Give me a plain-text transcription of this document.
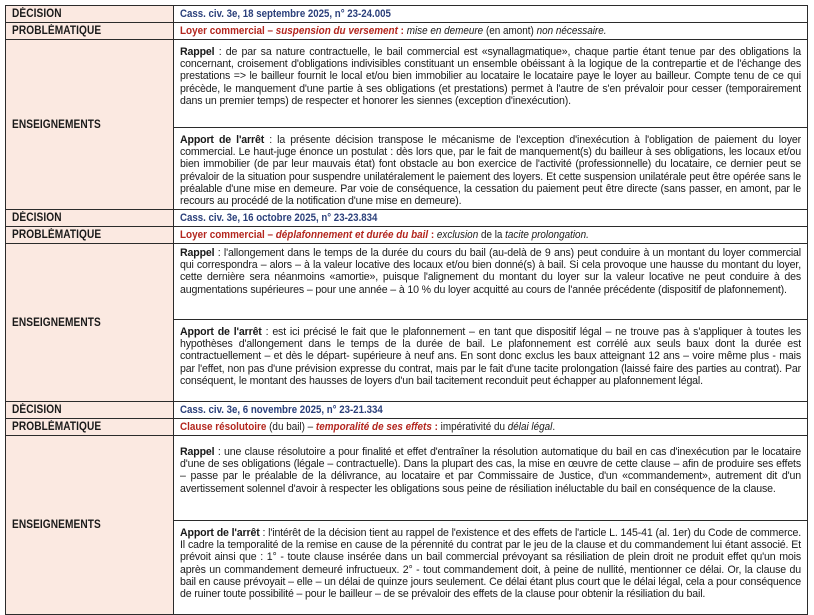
DÉCISION	Cass. civ. 3e, 18 septembre 2025, n° 23-24.005
PROBLÉMATIQUE	Loyer commercial – suspension du versement : mise en demeure (en amont) non nécessaire.
ENSEIGNEMENTS	Rappel : de par sa nature contractuelle, le bail commercial est «synallagmatique», chaque partie étant tenue par des obligations la concernant, croisement d'obligations indivisibles constituant un ensemble obéissant à la logique de la contrepartie et de l'échange des prestations => le bailleur fournit le local et/ou bien immobilier au locataire le locataire paye le loyer au bailleur. Compte tenu de ce qui précède, le manquement d'une partie à ses obligations (et prestations) permet à l'autre de s'en prévaloir pour cesser (temporairement dans un premier temps) de respecter et honorer les siennes (exception d'inexécution).
Apport de l'arrêt : la présente décision transpose le mécanisme de l'exception d'inexécution à l'obligation de paiement du loyer commercial. Le haut-juge énonce un postulat : dès lors que, par le fait de manquement(s) du bailleur à ses obligations, les locaux et/ou bien immobilier (de par leur mauvais état) font obstacle au bon exercice de l'activité (professionnelle) du locataire, ce dernier peut se prévaloir de la situation pour suspendre unilatéralement le paiement des loyers. Et cette suspension unilatérale peut être opérée sans le préalable d'une mise en demeure. Par voie de conséquence, la cessation du paiement peut être directe (sans passer, en amont, par le recours au procédé de la notification d'une mise en demeure).

DÉCISION	Cass. civ. 3e, 16 octobre 2025, n° 23-23.834
PROBLÉMATIQUE	Loyer commercial – déplafonnement et durée du bail : exclusion de la tacite prolongation.
ENSEIGNEMENTS	Rappel : l'allongement dans le temps de la durée du cours du bail (au-delà de 9 ans) peut conduire à un montant du loyer commercial qui correspondra – alors – à la valeur locative des locaux et/ou bien donné(s) à bail. Si cela provoque une hausse du montant du loyer, cette dernière sera néanmoins «amortie», puisque l'alignement du montant du loyer sur la valeur locative ne peut conduire à des augmentations supérieures – pour une année – à 10 % du loyer acquitté au cours de l'année précédente (dispositif de plafonnement).
Apport de l'arrêt : est ici précisé le fait que le plafonnement – en tant que dispositif légal – ne trouve pas à s'appliquer à toutes les hypothèses d'allongement dans le temps de la durée de bail. Le plafonnement est corrélé aux seuls baux dont la durée est contractuellement – et dès le départ- supérieure à neuf ans. En sont donc exclus les baux atteignant 12 ans – voire même plus - mais par l'effet, non pas d'une prévision expresse du contrat, mais par le fait d'une tacite prolongation (laissé faire des parties au contrat). Par conséquent, le montant des hausses de loyers d'un bail tacitement reconduit peut échapper au plafonnement légal.

DÉCISION	Cass. civ. 3e, 6 novembre 2025, n° 23-21.334
PROBLÉMATIQUE	Clause résolutoire (du bail) – temporalité de ses effets : impérativité du délai légal.
ENSEIGNEMENTS	Rappel : une clause résolutoire a pour finalité et effet d'entraîner la résolution automatique du bail en cas d'inexécution par le locataire d'une de ses obligations (légale – contractuelle). Dans la plupart des cas, la mise en œuvre de cette clause – afin de produire ses effets – passe par le préalable de la délivrance, au locataire et par Commissaire de Justice, d'un «commandement», autrement dit d'un avertissement solennel d'avoir à respecter les obligations sous peine de résiliation inéluctable du bail en conséquence de la clause.
Apport de l'arrêt : l'intérêt de la décision tient au rappel de l'existence et des effets de l'article L. 145-41 (al. 1er) du Code de commerce. Il cadre la temporalité de la remise en cause de la pérennité du contrat par le jeu de la clause et du commandement lui étant associé. Et prévoit ainsi que : 1° - toute clause insérée dans un bail commercial prévoyant sa résiliation de plein droit ne produit effet qu'un mois après un commandement demeuré infructueux. 2° - tout commandement doit, à peine de nullité, mentionner ce délai. Or, la clause du bail en cause prévoyait – elle – un délai de quinze jours seulement. Ce délai étant plus court que le délai légal, cela a pour conséquence de ruiner toute possibilité – pour le bailleur – de se prévaloir des effets de la clause pour obtenir la résiliation du bail.
